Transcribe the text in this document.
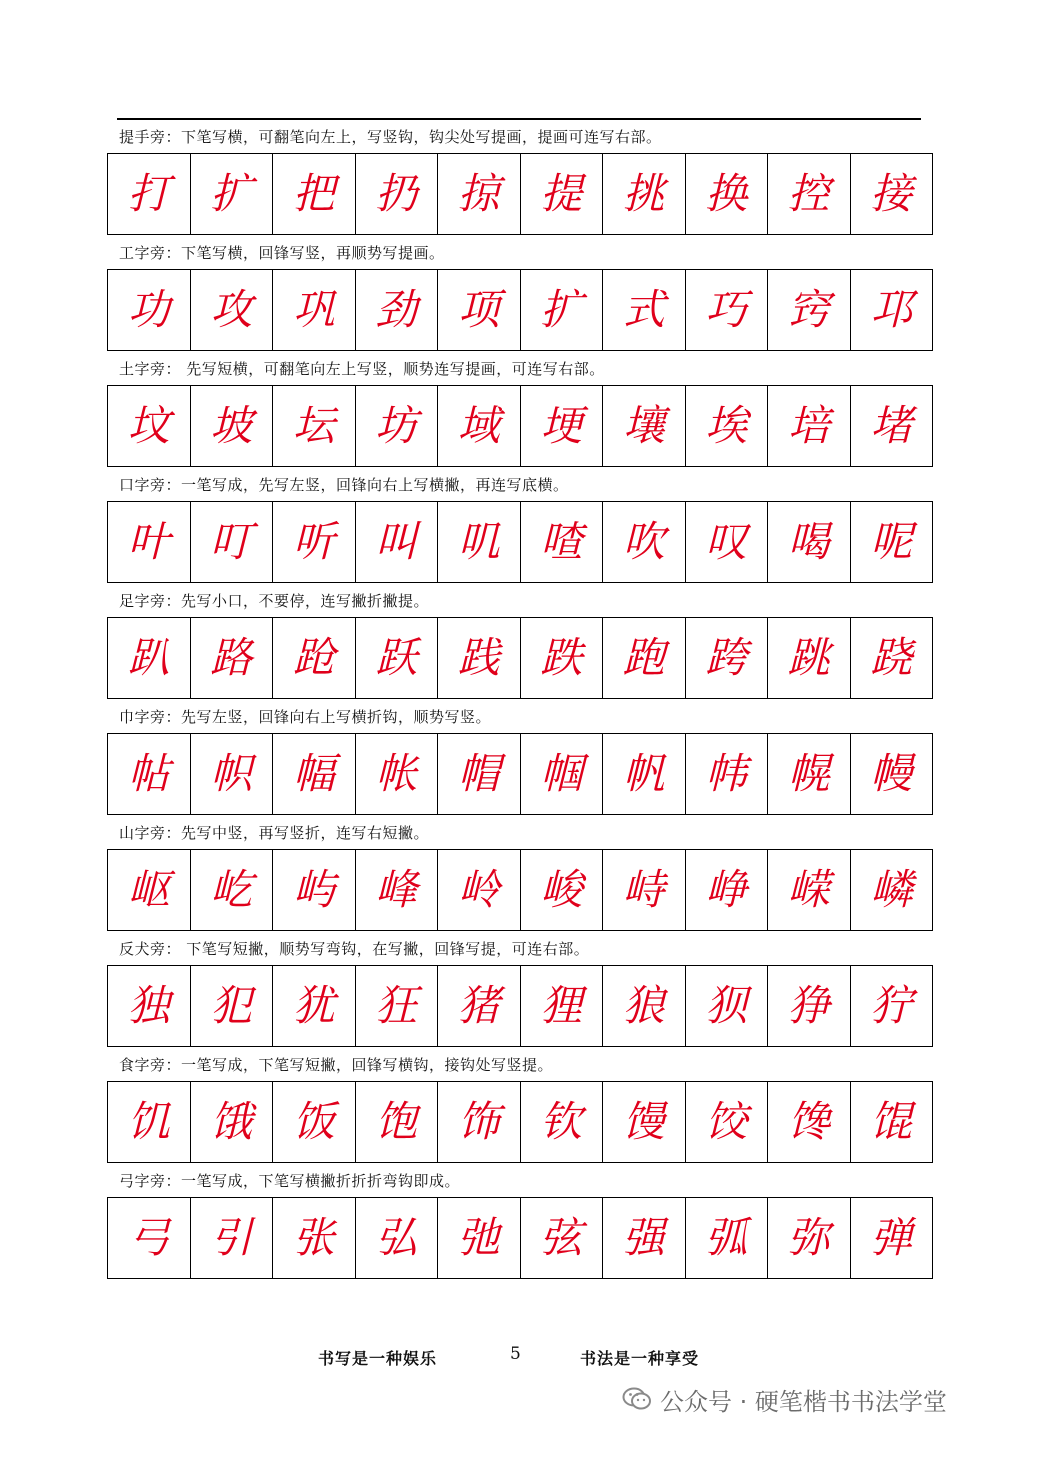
提手旁：下笔写横，可翻笔向左上，写竖钩，钩尖处写提画，提画可连写右部。
打 扩 把 扔 掠 提 挑 换 控 接
工字旁：下笔写横，回锋写竖，再顺势写提画。
功 攻 巩 劲 项 扩 式 巧 窍 邛
土字旁： 先写短横，可翻笔向左上写竖，顺势连写提画，可连写右部。
坟 坡 坛 坊 域 埂 壤 埃 培 堵
口字旁：一笔写成，先写左竖，回锋向右上写横撇，再连写底横。
叶 叮 听 叫 叽 喳 吹 叹 喝 呢
足字旁：先写小口，不要停，连写撇折撇提。
趴 路 跄 跃 践 跌 跑 跨 跳 跷
巾字旁：先写左竖，回锋向右上写横折钩，顺势写竖。
帖 帜 幅 帐 帽 帼 帆 帏 幌 幔
山字旁：先写中竖，再写竖折，连写右短撇。
岖 屹 屿 峰 岭 峻 峙 峥 嵘 嶙
反犬旁： 下笔写短撇，顺势写弯钩，在写撇，回锋写提，可连右部。
独 犯 犹 狂 猪 狸 狼 狈 狰 狞
食字旁：一笔写成，下笔写短撇，回锋写横钩，接钩处写竖提。
饥 饿 饭 饱 饰 钦 馒 饺 馋 馄
弓字旁：一笔写成，下笔写横撇折折折弯钩即成。
弓 引 张 弘 弛 弦 强 弧 弥 弹
书写是一种娱乐	5	书法是一种享受
公众号 · 硬笔楷书书法学堂
